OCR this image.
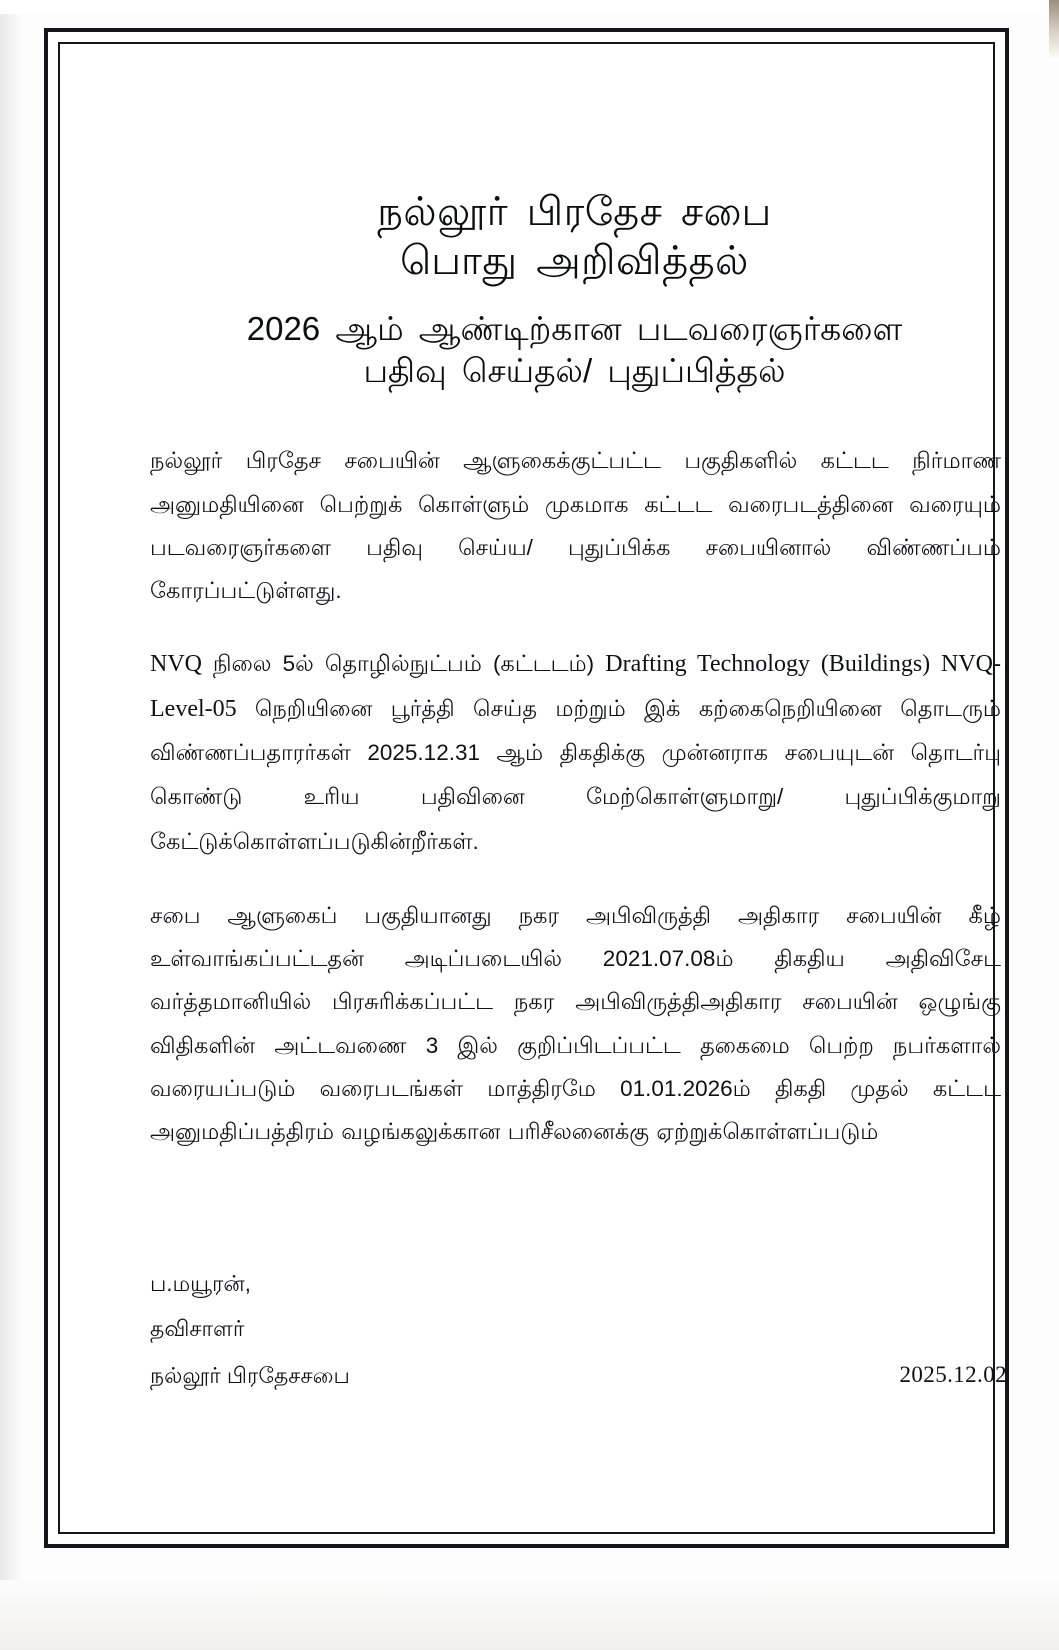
நல்லூர் பிரதேச சபை
பொது அறிவித்தல்
2026 ஆம் ஆண்டிற்கான படவரைஞர்களை
பதிவு செய்தல்/ புதுப்பித்தல்

நல்லூர் பிரதேச சபையின் ஆளுகைக்குட்பட்ட பகுதிகளில் கட்டட நிர்மாண அனுமதியினை பெற்றுக் கொள்ளும் முகமாக கட்டட வரைபடத்தினை வரையும் படவரைஞர்களை பதிவு செய்ய/ புதுப்பிக்க சபையினால் விண்ணப்பம் கோரப்பட்டுள்ளது.

NVQ நிலை 5ல் தொழில்நுட்பம் (கட்டடம்) Drafting Technology (Buildings) NVQ-Level-05 நெறியினை பூர்த்தி செய்த மற்றும் இக் கற்கைநெறியினை தொடரும் விண்ணப்பதாரர்கள் 2025.12.31 ஆம் திகதிக்கு முன்னராக சபையுடன் தொடர்பு கொண்டு உரிய பதிவினை மேற்கொள்ளுமாறு/ புதுப்பிக்குமாறு கேட்டுக்கொள்ளப்படுகின்றீர்கள்.

சபை ஆளுகைப் பகுதியானது நகர அபிவிருத்தி அதிகார சபையின் கீழ் உள்வாங்கப்பட்டதன் அடிப்படையில் 2021.07.08ம் திகதிய அதிவிசேட வர்த்தமானியில் பிரசுரிக்கப்பட்ட நகர அபிவிருத்திஅதிகார சபையின் ஒழுங்கு விதிகளின் அட்டவணை 3 இல் குறிப்பிடப்பட்ட தகைமை பெற்ற நபர்களால் வரையப்படும் வரைபடங்கள் மாத்திரமே 01.01.2026ம் திகதி முதல் கட்டட அனுமதிப்பத்திரம் வழங்கலுக்கான பரிசீலனைக்கு ஏற்றுக்கொள்ளப்படும்

ப.மயூரன்,
தவிசாளர்
நல்லூர் பிரதேசசபை	2025.12.02
